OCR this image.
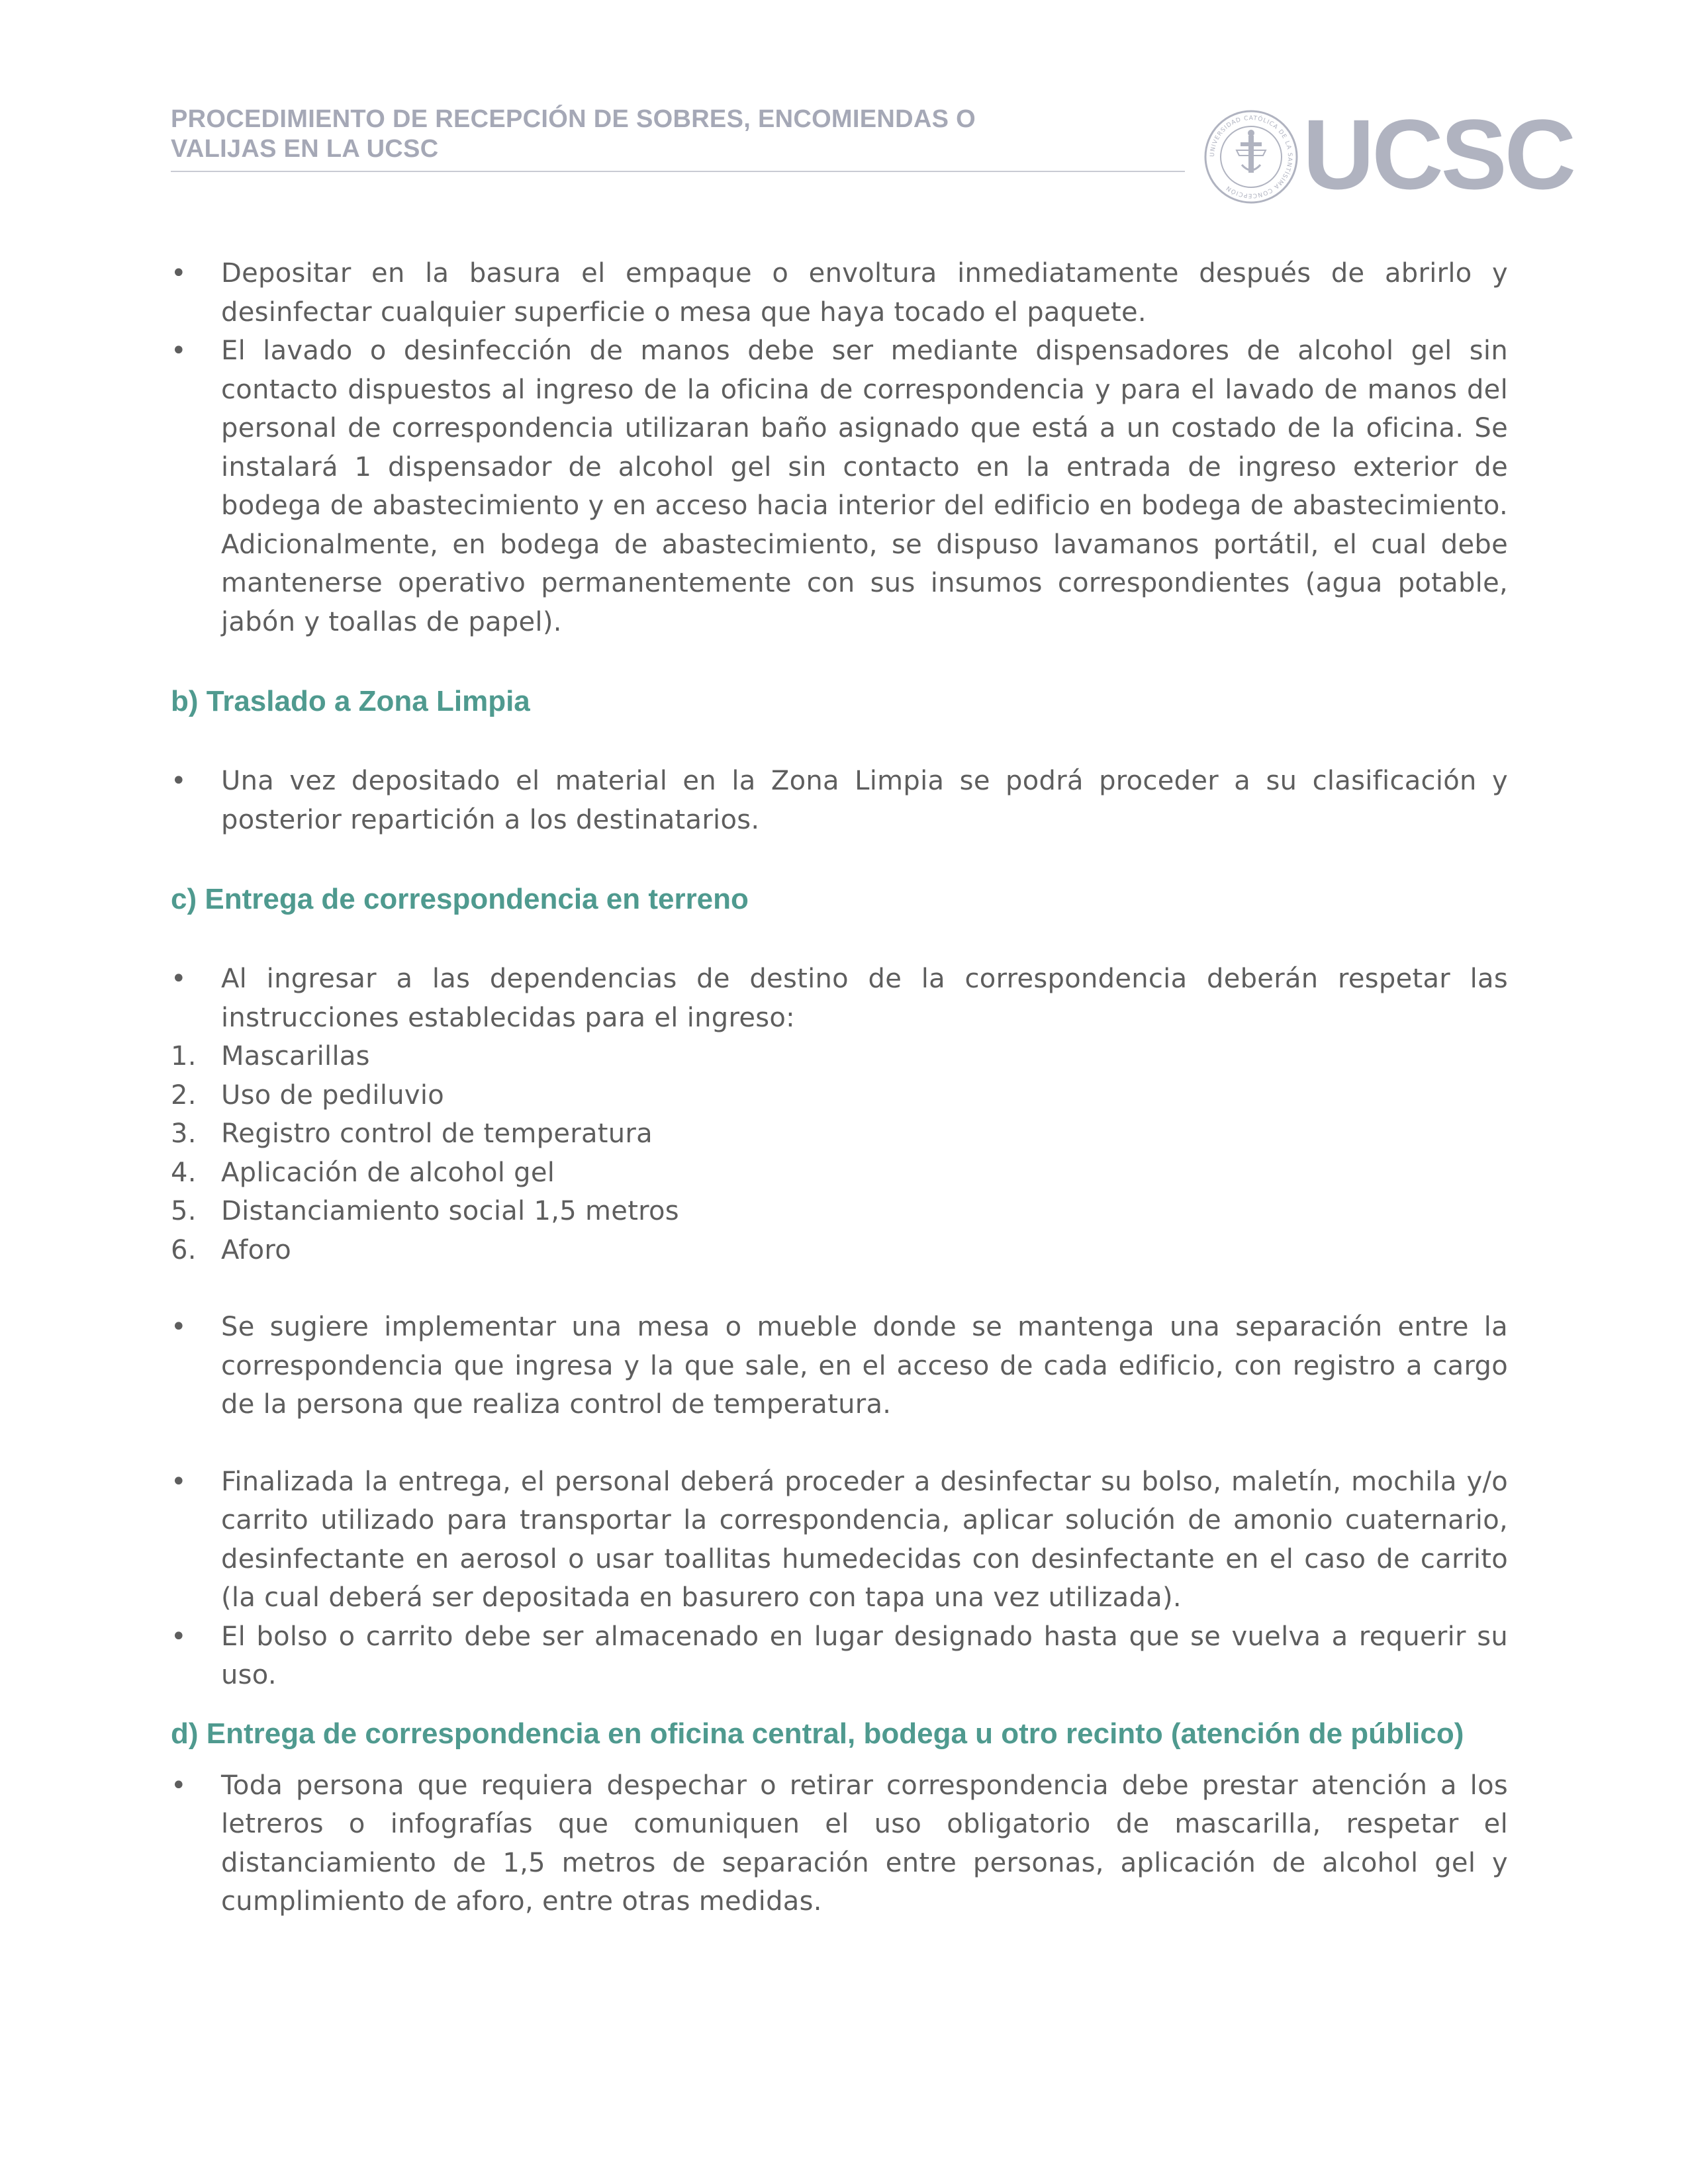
PROCEDIMIENTO DE RECEPCIÓN DE SOBRES, ENCOMIENDAS O VALIJAS EN LA UCSC	UNIVERSIDAD CATÓLICA DE LA SANTÍSIMA CONCEPCIÓN UCSC
•	Depositar en la basura el empaque o envoltura inmediatamente después de abrirlo y desinfectar cualquier superficie o mesa que haya tocado el paquete.
•	El lavado o desinfección de manos debe ser mediante dispensadores de alcohol gel sin contacto dispuestos al ingreso de la oficina de correspondencia y para el lavado de manos del personal de correspondencia utilizaran baño asignado que está a un costado de la oficina. Se instalará 1 dispensador de alcohol gel sin contacto en la entrada de ingreso exterior de bodega de abastecimiento y en acceso hacia interior del edificio en bodega de abastecimiento. Adicionalmente, en bodega de abastecimiento, se dispuso lavamanos portátil, el cual debe mantenerse operativo permanentemente con sus insumos correspondientes (agua potable, jabón y toallas de papel).
b) Traslado a Zona Limpia
•	Una vez depositado el material en la Zona Limpia se podrá proceder a su clasificación y posterior repartición a los destinatarios.
c) Entrega de correspondencia en terreno
•	Al ingresar a las dependencias de destino de la correspondencia deberán respetar las instrucciones establecidas para el ingreso:
1. Mascarillas
2. Uso de pediluvio
3. Registro control de temperatura
4. Aplicación de alcohol gel
5. Distanciamiento social 1,5 metros
6. Aforo
•	Se sugiere implementar una mesa o mueble donde se mantenga una separación entre la correspondencia que ingresa y la que sale, en el acceso de cada edificio, con registro a cargo de la persona que realiza control de temperatura.
•	Finalizada la entrega, el personal deberá proceder a desinfectar su bolso, maletín, mochila y/o carrito utilizado para transportar la correspondencia, aplicar solución de amonio cuaternario, desinfectante en aerosol o usar toallitas humedecidas con desinfectante en el caso de carrito (la cual deberá ser depositada en basurero con tapa una vez utilizada).
•	El bolso o carrito debe ser almacenado en lugar designado hasta que se vuelva a requerir su uso.
d) Entrega de correspondencia en oficina central, bodega u otro recinto (atención de público)
•	Toda persona que requiera despechar o retirar correspondencia debe prestar atención a los letreros o infografías que comuniquen el uso obligatorio de mascarilla, respetar el distanciamiento de 1,5 metros de separación entre personas, aplicación de alcohol gel y cumplimiento de aforo, entre otras medidas.
